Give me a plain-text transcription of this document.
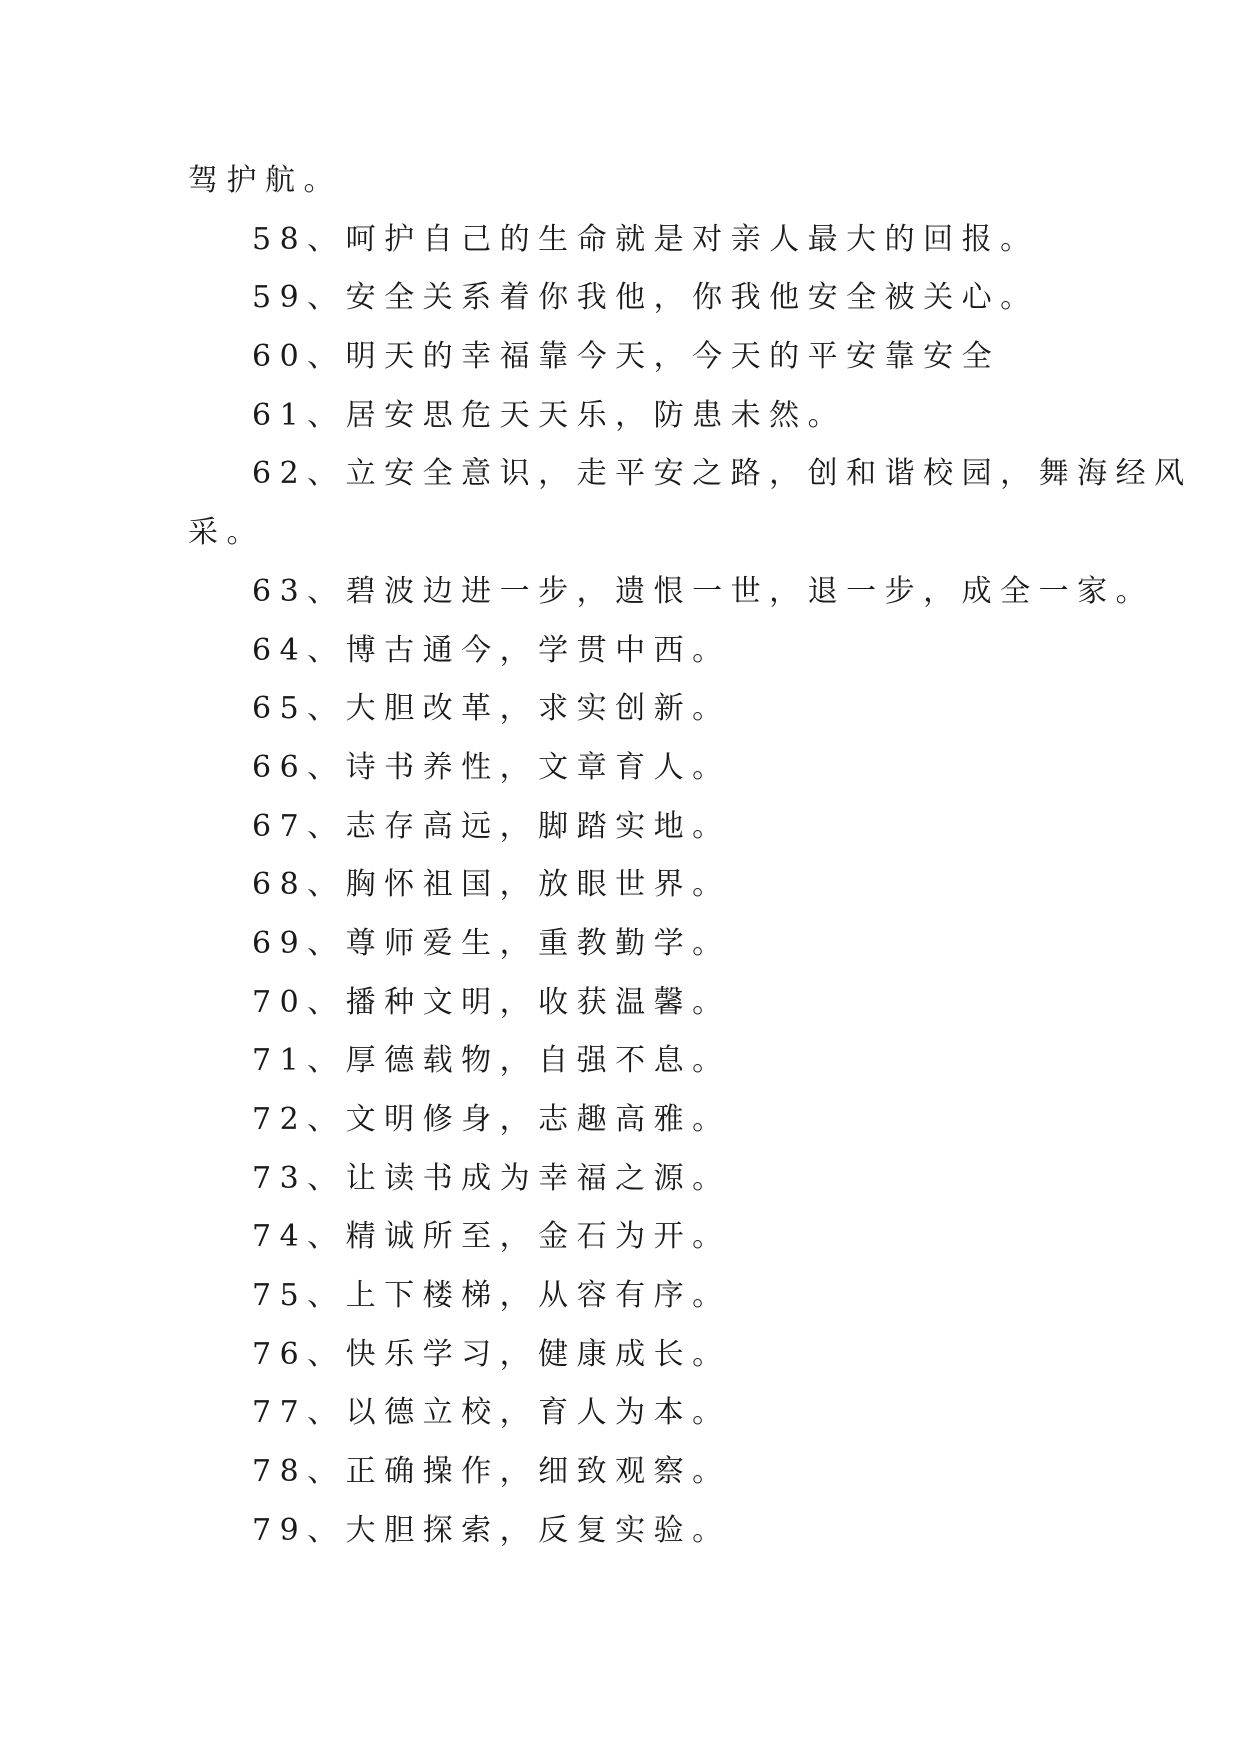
驾护航。
58、呵护自己的生命就是对亲人最大的回报。
59、安全关系着你我他，你我他安全被关心。
60、明天的幸福靠今天，今天的平安靠安全
61、居安思危天天乐，防患未然。
62、立安全意识，走平安之路，创和谐校园，舞海经风
采。
63、碧波边进一步，遗恨一世，退一步，成全一家。
64、博古通今，学贯中西。
65、大胆改革，求实创新。
66、诗书养性，文章育人。
67、志存高远，脚踏实地。
68、胸怀祖国，放眼世界。
69、尊师爱生，重教勤学。
70、播种文明，收获温馨。
71、厚德载物，自强不息。
72、文明修身，志趣高雅。
73、让读书成为幸福之源。
74、精诚所至，金石为开。
75、上下楼梯，从容有序。
76、快乐学习，健康成长。
77、以德立校，育人为本。
78、正确操作，细致观察。
79、大胆探索，反复实验。
